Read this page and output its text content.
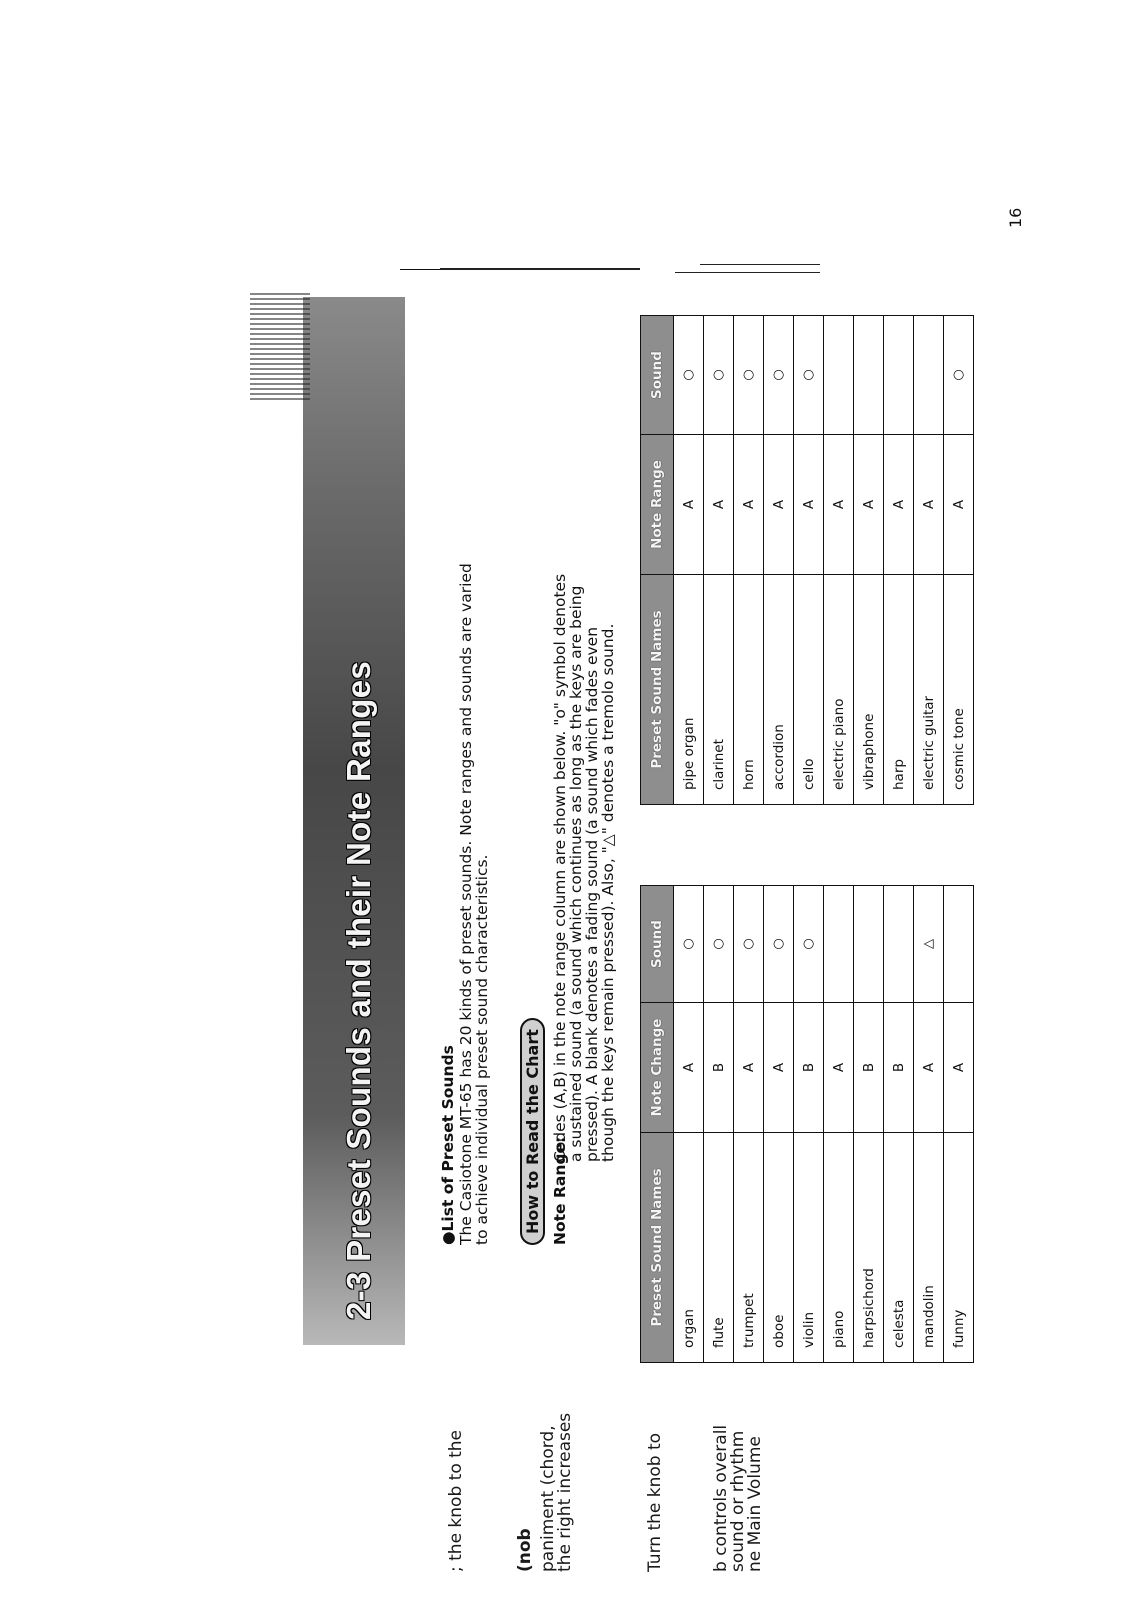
; the knob to the	(nob paniment (chord,
the right increases	Turn the knob to	b controls overall
sound or rhythm
ne Main Volume
2-3 Preset Sounds and their Note Ranges	●List of Preset Sounds The Casiotone MT-65 has 20 kinds of preset sounds. Note ranges and sounds are varied to achieve individual preset sound characteristics. How to Read the Chart Note Range:
Codes (A,B) in the note range column are shown below. "o" symbol denotes a sustained sound (a sound which continues as long as the keys are being pressed). A blank denotes a fading sound (a sound which fades even though the keys remain pressed). Also, "△" denotes a tremolo sound.
Preset Sound Names	Note Change	Sound
organ	A	○
flute	B	○
trumpet	A	○
oboe	A	○
violin	B	○
piano	A	
harpsichord	B	
celesta	B	
mandolin	A	△
funny	A	
Preset Sound Names	Note Range	Sound
pipe organ	A	○
clarinet	A	○
horn	A	○
accordion	A	○
cello	A	○
electric piano	A	
vibraphone	A	
harp	A	
electric guitar	A	
cosmic tone	A	○
16
